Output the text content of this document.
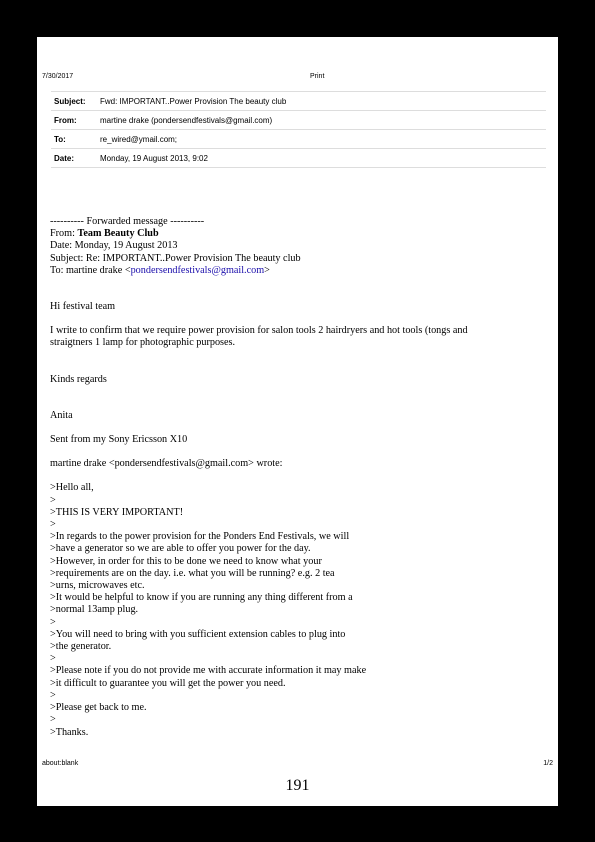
7/30/2017	Print
Subject:	Fwd: IMPORTANT..Power Provision The beauty club
From:	martine drake (pondersendfestivals@gmail.com)
To:	re_wired@ymail.com;
Date:	Monday, 19 August 2013, 9:02

---------- Forwarded message ----------

From: Team Beauty Club

Date: Monday, 19 August 2013

Subject: Re: IMPORTANT..Power Provision The beauty club

To: martine drake <pondersendfestivals@gmail.com>

Hi festival team

I write to confirm that we require power provision for salon tools 2 hairdryers and hot tools (tongs and

straigtners 1 lamp for photographic purposes.

Kinds regards

Anita

Sent from my Sony Ericsson X10

martine drake <pondersendfestivals@gmail.com> wrote:

>Hello all,

>

>THIS IS VERY IMPORTANT!

>

>In regards to the power provision for the Ponders End Festivals, we will

>have a generator so we are able to offer you power for the day.

>However, in order for this to be done we need to know what your

>requirements are on the day. i.e. what you will be running? e.g. 2 tea

>urns, microwaves etc.

>It would be helpful to know if you are running any thing different from a

>normal 13amp plug.

>

>You will need to bring with you sufficient extension cables to plug into

>the generator.

>

>Please note if you do not provide me with accurate information it may make

>it difficult to guarantee you will get the power you need.

>

>Please get back to me.

>

>Thanks.

about:blank	1/2
191
